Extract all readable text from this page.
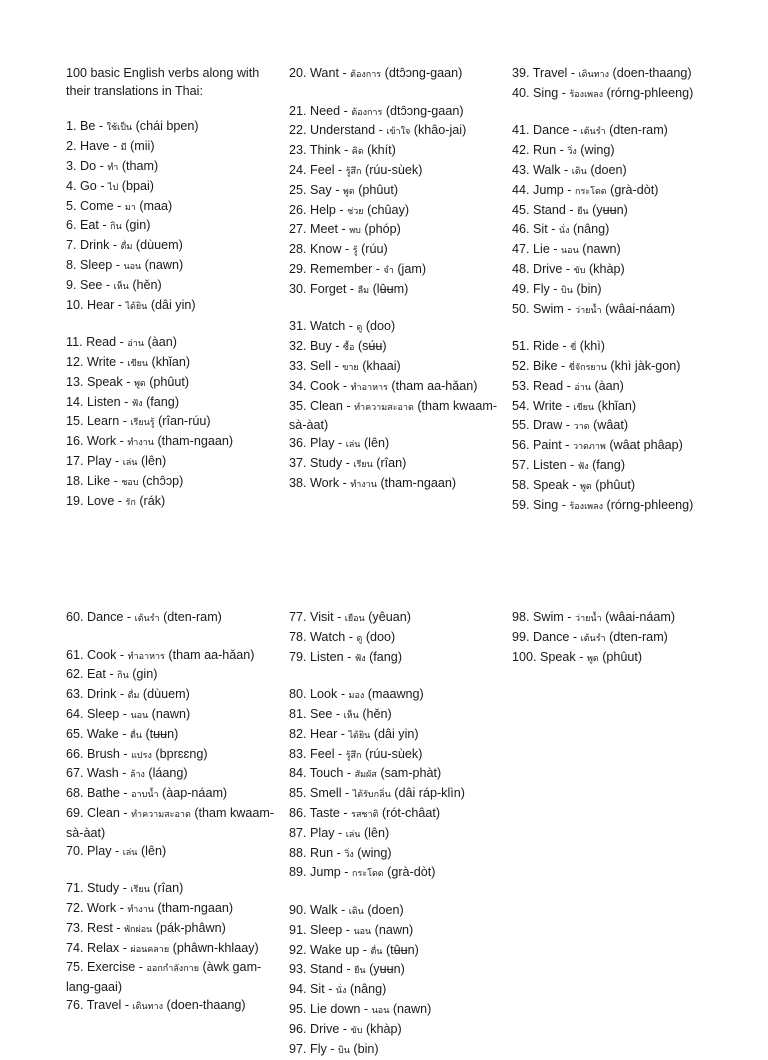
100 basic English verbs along with their translations in Thai:
1. Be - ใช้เป็น (chái bpen)
2. Have - มี (mii)
3. Do - ทำ (tham)
4. Go - ไป (bpai)
5. Come - มา (maa)
6. Eat - กิน (gin)
7. Drink - ดื่ม (dùuem)
8. Sleep - นอน (nawn)
9. See - เห็น (hěn)
10. Hear - ได้ยิน (dâi yin)
11. Read - อ่าน (àan)
12. Write - เขียน (khǐan)
13. Speak - พูด (phûut)
14. Listen - ฟัง (fang)
15. Learn - เรียนรู้ (rîan-rúu)
16. Work - ทำงาน (tham-ngaan)
17. Play - เล่น (lên)
18. Like - ชอบ (chɔ̂ɔp)
19. Love - รัก (rák)
20. Want - ต้องการ (dtɔ̂ɔng-gaan)
21. Need - ต้องการ (dtɔ̂ɔng-gaan)
22. Understand - เข้าใจ (khâo-jai)
23. Think - คิด (khít)
24. Feel - รู้สึก (rúu-sùek)
25. Say - พูด (phûut)
26. Help - ช่วย (chûay)
27. Meet - พบ (phóp)
28. Know - รู้ (rúu)
29. Remember - จำ (jam)
30. Forget - ลืม (lʉ̂ʉm)
31. Watch - ดู (doo)
32. Buy - ซื้อ (sʉ́ʉ)
33. Sell - ขาย (khaai)
34. Cook - ทำอาหาร (tham aa-hǎan)
35. Clean - ทำความสะอาด (tham kwaam-sà-àat)
36. Play - เล่น (lên)
37. Study - เรียน (rîan)
38. Work - ทำงาน (tham-ngaan)
39. Travel - เดินทาง (doen-thaang)
40. Sing - ร้องเพลง (rórng-phleeng)
41. Dance - เต้นรำ (dten-ram)
42. Run - วิ่ง (wing)
43. Walk - เดิน (doen)
44. Jump - กระโดด (grà-dòt)
45. Stand - ยืน (yʉʉn)
46. Sit - นั่ง (nâng)
47. Lie - นอน (nawn)
48. Drive - ขับ (khàp)
49. Fly - บิน (bin)
50. Swim - ว่ายน้ำ (wâai-náam)
51. Ride - ขี่ (khì)
52. Bike - ขี่จักรยาน (khì jàk-gon)
53. Read - อ่าน (àan)
54. Write - เขียน (khǐan)
55. Draw - วาด (wâat)
56. Paint - วาดภาพ (wâat phâap)
57. Listen - ฟัง (fang)
58. Speak - พูด (phûut)
59. Sing - ร้องเพลง (rórng-phleeng)
60. Dance - เต้นรำ (dten-ram)
61. Cook - ทำอาหาร (tham aa-hǎan)
62. Eat - กิน (gin)
63. Drink - ดื่ม (dùuem)
64. Sleep - นอน (nawn)
65. Wake - ตื่น (tʉʉn)
66. Brush - แปรง (bprɛɛng)
67. Wash - ล้าง (láang)
68. Bathe - อาบน้ำ (àap-náam)
69. Clean - ทำความสะอาด (tham kwaam-sà-àat)
70. Play - เล่น (lên)
71. Study - เรียน (rîan)
72. Work - ทำงาน (tham-ngaan)
73. Rest - พักผ่อน (pák-phâwn)
74. Relax - ผ่อนคลาย (phâwn-khlaay)
75. Exercise - ออกกำลังกาย (àwk gam-lang-gaai)
76. Travel - เดินทาง (doen-thaang)
77. Visit - เยือน (yêuan)
78. Watch - ดู (doo)
79. Listen - ฟัง (fang)
80. Look - มอง (maawng)
81. See - เห็น (hěn)
82. Hear - ได้ยิน (dâi yin)
83. Feel - รู้สึก (rúu-sùek)
84. Touch - สัมผัส (sam-phàt)
85. Smell - ได้รับกลิ่น (dâi ráp-klìn)
86. Taste - รสชาติ (rót-châat)
87. Play - เล่น (lên)
88. Run - วิ่ง (wing)
89. Jump - กระโดด (grà-dòt)
90. Walk - เดิน (doen)
91. Sleep - นอน (nawn)
92. Wake up - ตื่น (tʉ̂ʉn)
93. Stand - ยืน (yʉʉn)
94. Sit - นั่ง (nâng)
95. Lie down - นอน (nawn)
96. Drive - ขับ (khàp)
97. Fly - บิน (bin)
98. Swim - ว่ายน้ำ (wâai-náam)
99. Dance - เต้นรำ (dten-ram)
100. Speak - พูด (phûut)
